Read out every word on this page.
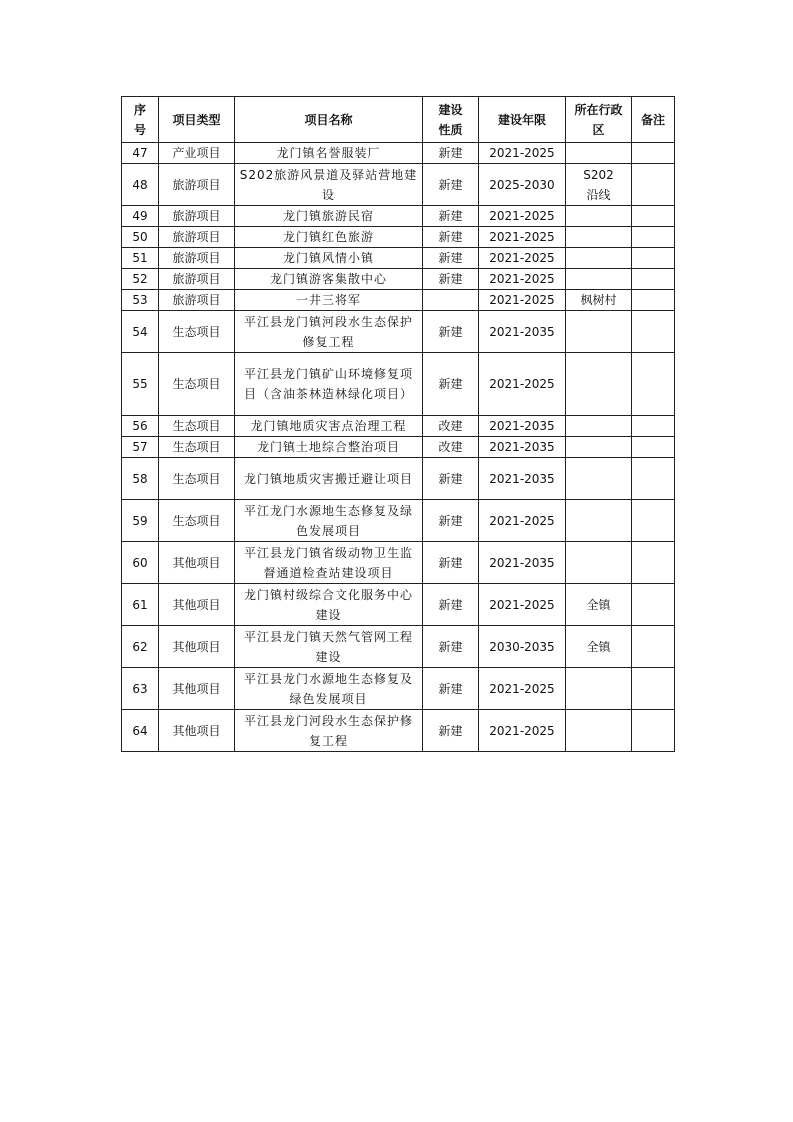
序号	项目类型	项目名称	建设性质	建设年限	所在行政区	备注
47	产业项目	龙门镇名誉服装厂	新建	2021-2025		
48	旅游项目	S202旅游风景道及驿站营地建设	新建	2025-2030	S202沿线	
49	旅游项目	龙门镇旅游民宿	新建	2021-2025		
50	旅游项目	龙门镇红色旅游	新建	2021-2025		
51	旅游项目	龙门镇风情小镇	新建	2021-2025		
52	旅游项目	龙门镇游客集散中心	新建	2021-2025		
53	旅游项目	一井三将军		2021-2025	枫树村	
54	生态项目	平江县龙门镇河段水生态保护修复工程	新建	2021-2035		
55	生态项目	平江县龙门镇矿山环境修复项目（含油茶林造林绿化项目）	新建	2021-2025		
56	生态项目	龙门镇地质灾害点治理工程	改建	2021-2035		
57	生态项目	龙门镇土地综合整治项目	改建	2021-2035		
58	生态项目	龙门镇地质灾害搬迁避让项目	新建	2021-2035		
59	生态项目	平江龙门水源地生态修复及绿色发展项目	新建	2021-2025		
60	其他项目	平江县龙门镇省级动物卫生监督通道检查站建设项目	新建	2021-2035		
61	其他项目	龙门镇村级综合文化服务中心建设	新建	2021-2025	全镇	
62	其他项目	平江县龙门镇天然气管网工程建设	新建	2030-2035	全镇	
63	其他项目	平江县龙门水源地生态修复及绿色发展项目	新建	2021-2025		
64	其他项目	平江县龙门河段水生态保护修复工程	新建	2021-2025		
